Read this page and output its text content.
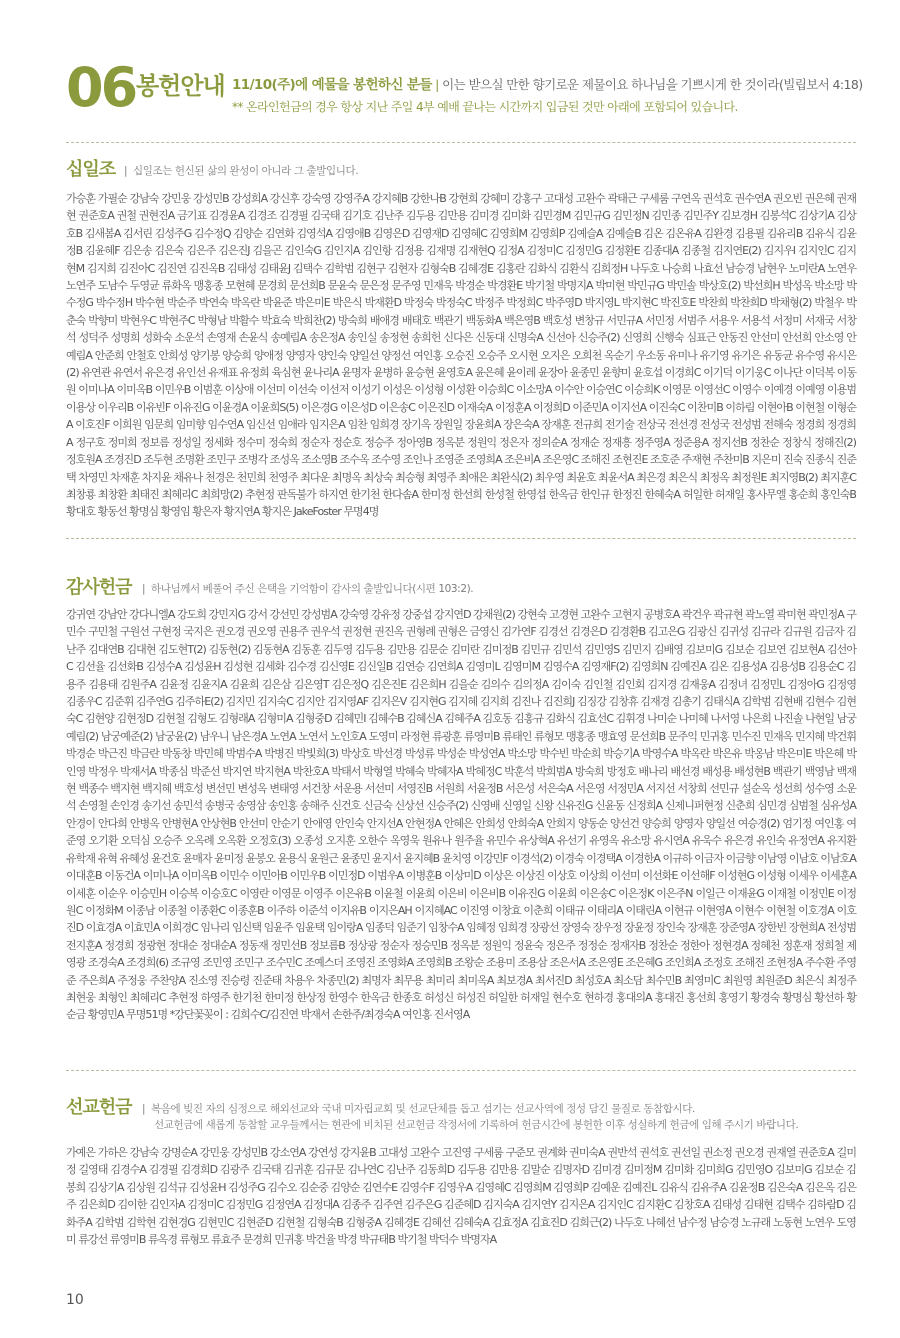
06 봉헌안내 11/10(주)에 예물을 봉헌하신 분들 | 이는 받으실 만한 향기로운 제물이요 하나님을 기쁘시게 한 것이라(빌립보서 4:18)
** 온라인헌금의 경우 항상 지난 주일 4부 예배 끝나는 시간까지 입금된 것만 아래에 포함되어 있습니다.
십일조 |  십일조는 헌신된 삶의 완성이 아니라 그 출발입니다.

가승훈 가필순 강남숙 강민웅 강성민B 강성희A 강신후 강숙영 강영주A 강지혜B 강한나B 강현희 강혜미 강홍구 고대성 고완수 곽태근 구세룸 구연옥 권석호 권수연A 권오빈 권은혜 권재현 권준호A 권철 권현진A 금기표 김경윤A 김경조 김경필 김국태 김기호 김난주 김두용 김만용 김미경 김미화 김민경M 김민규G 김민정N 김민종 김민주Y 김보경H 김봉석C 김상기A 김상호B 김새봄A 김서린 김성주G 김수정Q 김양순 김연화 김영석A 김영애B 김영은D 김영재D 김영혜C 김영희M 김영희P 김예슬A 김예슬B 김온 김온유A 김완경 김용필 김유리B 김유식 김윤정B 김윤혜F 김은송 김은숙 김은주 김은진J 김을곤 김인숙G 김인지A 김인항 김정용 김재명 김재현Q 김정A 김정미C 김정민G 김정환E 김종대A 김종철 김지연E(2) 김지우I 김지인C 김지현M 김지희 김진아C 김진연 김진옥B 김태성 김태윤J 김택수 김학범 김현구 김현자 김형숙B 김혜경E 김홍란 김화식 김환식 김희정H 나두호 나승희 나효선 남승경 남현우 노미란A 노연우 노연주 도남수 두영균 류화옥 맹홍종 모현혜 문경희 문선희B 문윤숙 문은정 문주영 민재욱 박경순 박경환E 박기철 박명지A 박미현 박민규G 박민솔 박상호(2) 박선희H 박성옥 박소망 박수정G 박수정H 박수현 박순주 박연숙 박옥란 박윤준 박은미E 박은식 박재환D 박정숙 박정숙C 박정주 박정희C 박주영D 박지영L 박지현C 박진호E 박찬희 박찬희D 박채형(2) 박철우 박춘숙 박향미 박현우C 박현주C 박형남 박활수 박효숙 박희찬(2) 방숙희 배애경 배태호 백관기 백동화A 백은영B 백호성 변창규 서민규A 서민정 서범주 서용우 서용석 서정미 서재국 서창석 성덕주 성명희 성화숙 소운석 손영재 손윤식 송예림A 송은정A 송인실 송정현 송희헌 신다은 신동대 신명숙A 신선아 신승주(2) 신영희 신행숙 심표근 안동진 안선미 안선희 안소영 안예림A 안준희 안철호 안희성 양기봉 양승희 양애정 양영자 양인숙 양일선 양정선 여인홍 오승진 오승주 오시현 오지은 오희천 옥순기 우소동 유미나 유기영 유기은 유동균 유수영 유시은(2) 유연관 유연서 유은경 유인선 유재표 유정희 육심현 윤나리A 윤명자 윤병하 윤승현 윤영호A 윤은혜 윤이레 윤장아 윤종민 윤향미 윤호섭 이경희C 이기덕 이기웅C 이나단 이덕복 이동원 이미나A 이미옥B 이민우B 이범훈 이상애 이선미 이선숙 이선저 이성기 이성은 이성형 이성환 이승희C 이소망A 이수안 이승연C 이승희K 이영문 이영선C 이영수 이예경 이예영 이용범 이용상 이우리B 이유빈F 이유진G 이윤경A 이윤희S(5) 이은경G 이은성D 이은송C 이은진D 이재숙A 이정훈A 이정희D 이준민A 이지선A 이진숙C 이찬미B 이하림 이현아B 이현철 이형순A 이호진F 이희원 임문희 임미향 임수연A 임신선 임애라 임지은A 임찬 임희경 장기옥 장원일 장윤희A 장은숙A 장재훈 전규희 전기술 전상국 전선경 전성국 전성범 전해숙 정경희 정경희A 정구호 정미희 정보름 정성일 정세화 정수미 정숙희 정순자 정순호 정승주 정아영B 정옥분 정원익 정은자 정의순A 정재순 정재흥 정주영A 정준용A 정지선B 정찬순 정창식 정해진(2) 정호원A 조경진D 조두현 조명환 조민구 조병각 조성옥 조소영B 조수옥 조수영 조인나 조영준 조영희A 조은비A 조은영C 조해진 조현진E 조호준 주재현 주찬미B 지은미 진숙 진종식 진준택 차영민 차재훈 차지윤 채유나 천경은 천민희 천영주 최다운 최명옥 최상숙 최승형 최영주 최애은 최완식(2) 최우영 최윤호 최윤서A 최은경 최은식 최정옥 최정원E 최지영B(2) 최지훈C 최창룡 최창환 최태진 최혜리C 최희망(2) 추현정 판독불가 하지연 한기천 한다솜A 한미정 한선희 한성철 한영섭 한옥금 한인규 한정진 한혜숙A 허일한 허재일 홍사무엘 홍순희 홍인숙B 황대호 황동선 황명심 황영임 황은자 황지연A 황지은 JakeFoster 무명4명

감사헌금 |  하나님께서 베풀어 주신 은택을 기억함이 감사의 출발입니다(시편 103:2).

강귀연 강남안 강다니엘A 강도희 강민지G 강서 강선민 강성범A 강숙영 강유정 강중섭 강지연D 강채원(2) 강현숙 고경현 고완수 고현지 공병호A 곽건우 곽규현 곽노열 곽미현 곽민정A 구민수 구민철 구원선 구현정 국지은 권오경 권오영 권용주 권우석 권정현 권진옥 권형례 권형은 금영신 김가연F 김경선 김경은D 김경환B 김고은G 김광신 김귀성 김규라 김규원 김금자 김난주 김대연B 김대현 김도현T(2) 김동현(2) 김동현A 김동훈 김두영 김두용 김만용 김문순 김미란 김미정B 김민규 김민석 김민영S 김민지 김배영 김보미G 김보순 김보연 김보현A 김선아C 김선율 김선화B 김성수A 김성윤H 김성현 김세화 김수경 김신영E 김신일B 김연승 김연희A 김영미L 김영미M 김영수A 김영재F(2) 김영희N 김예진A 김온 김용성A 김용성B 김용순C 김용주 김용태 김원주A 김윤정 김윤지A 김윤희 김은삼 김은영T 김은정Q 김은진E 김은희H 김을순 김의수 김의정A 김이숙 김인철 김인회 김지경 김재웅A 김정녀 김정민L 김정아G 김정영 김종우C 김준휘 김주연G 김주하E(2) 김지민 김지숙C 김지안 김지영AF 김지은V 김지현G 김지혜 김지희 김진나 김진희J 김징강 김창휴 김재경 김총기 김태식A 김학범 김현배 김현수 김현숙C 김현양 김현정D 김현철 김형도 김형래A 김형미A 김형중D 김혜민I 김혜수B 김혜신A 김혜주A 김호동 김홍규 김화식 김효선C 김휘경 나미순 나미혜 나서영 나은희 나진솔 나현일 남궁예림(2) 남궁예준(2) 남궁윤(2) 남우니 남은경A 노연A 노연서 노인호A 도영미 라정현 류광훈 류영미B 류태인 류형모 맹홍종 맹효영 문선희B 문주익 민귀홍 민수진 민재옥 민지혜 박건휘 박경순 박근진 박금란 박동창 박민혜 박범수A 박병진 박빛희(3) 박상호 박선경 박성류 박성순 박성연A 박소망 박수빈 박순희 박승기A 박영수A 박옥란 박은유 박옹남 박은미E 박은혜 박인영 박정우 박재서A 박종심 박준선 박지연 박지현A 박찬호A 박태서 박형열 박혜숙 박혜자A 박혜정C 박훈석 박희범A 방숙희 방정호 배나리 배선경 배성용 배성현B 백관기 백영남 백재현 백종수 백지현 백지혜 백호성 변선민 변성옥 변태영 서건창 서운용 서선미 서영진B 서원희 서윤정B 서은성 서은숙A 서은영 서정민A 서지선 서창희 선민규 설순옥 성선희 성수영 소운석 손영철 손인경 송기선 송민석 송병국 송영삼 송인홍 송해주 신건호 신금숙 신상선 신승주(2) 신영배 신영일 신왕 신유진G 신윤동 신정희A 신제니퍼현정 신춘희 심민경 심범철 심유성A 안경이 안다희 안병옥 안병현A 안상현B 안선미 안순기 안애영 안인숙 안지선A 안현정A 안혜은 안희성 안희숙A 안희지 양동순 양선건 양승희 양영자 양일선 여승경(2) 엄기정 여인홍 여준영 오기환 오덕심 오승주 오옥례 오옥환 오정호(3) 오종성 오지훈 오한수 옥영욱 원유나 원주율 유민수 유상혁A 유선기 유영옥 유소망 유시연A 유욱수 유은경 유인숙 유정연A 유지환 유학재 유혁 유혜성 윤건호 윤매자 윤미정 윤봉오 윤용식 윤원근 윤종민 윤지서 윤지혜B 윤치영 이강민F 이경석(2) 이경숙 이경택A 이경한A 이규하 이금자 이금향 이남영 이남호 이남호A 이대훈B 이동건A 이미나A 이미옥B 이민수 이민아B 이민우B 이민정D 이범우A 이병훈B 이상미D 이상은 이상진 이상호 이상희 이선미 이선화E 이선해F 이성현G 이성형 이세우 이세훈A 이세훈 이순우 이승민H 이승복 이승호C 이영란 이영문 이영주 이은유B 이윤철 이윤희 이은비 이은비B 이유진G 이윤희 이은송C 이은정K 이은주N 이일근 이재윤G 이재철 이정민E 이정원C 이정화M 이종남 이종철 이종환C 이종훈B 이주하 이준석 이지유B 이지은AH 이지혜AC 이진영 이창효 이춘희 이태규 이태리A 이태린A 이현규 이현영A 이현수 이현철 이호경A 이호진D 이효경A 이효민A 이희경C 임나리 임신택 임윤주 임윤택 임이랑A 임종덕 임준기 임창수A 임혜정 임희경 장광선 장영숙 장우정 장윤정 장인숙 장재훈 장준영A 장한빈 장현희A 전성범 전지훈A 정경희 정광현 정대순 정대순A 정동재 정민선B 정보름B 정상광 정순자 정승민B 정옥분 정원익 정윤숙 정은주 정정순 정재자B 정찬순 정한아 정현경A 정혜천 정훈재 정희철 제영광 조경숙A 조경희(6) 조규영 조민영 조민구 조수민C 조예스더 조영진 조영화A 조영희B 조왕순 조용미 조용삼 조은서A 조은영E 조은혜G 조인희A 조정호 조해진 조현정A 주수환 주영준 주은희A 주정웅 주찬양A 진소영 진승령 진준태 차용우 차종민(2) 최명자 최무용 최미리 최미옥A 최보경A 최서진D 최성호A 최소담 최수민B 최영미C 최원영 최원준D 최은식 최정주 최현웅 최형인 최혜리C 추현정 하영주 한기천 한미정 한상정 한영수 한옥금 한종호 허성신 허성진 허일한 허재일 현수호 현하경 홍대의A 홍대진 홍선희 홍영기 황경숙 황명심 황선하 황순금 황영민A 무명51명 *강단꽃꽂이 : 김희수C/김진연 박재서 손한주/최경숙A 여인홍 진서영A

선교헌금 |  복음에 빚진 자의 심정으로 해외선교와 국내 미자립교회 및 선교단체를 돕고 섬기는 선교사역에 정성 담긴 물질로 동참합시다.
선교헌금에 새롭게 동참할 교우들께서는 현관에 비치된 선교헌금 작정서에 기록하여 헌금시간에 봉헌한 이후 성실하게 헌금에 임해 주시기 바랍니다.

가예은 가하은 강남숙 강명순A 강민웅 강성민B 강소연A 강연성 강지윤B 고대성 고완수 고진영 구세룸 구준모 권계화 권미숙A 권반석 권석호 권선일 권소정 권오경 권재열 권준호A 길미정 길영태 김경수A 김경필 김경희D 김광주 김국태 김귀훈 김규문 김나연C 김난주 김동희D 김두용 김만용 김말순 김명자D 김미경 김미정M 김미화 김미희G 김민영O 김보미G 김보순 김봉희 김상기A 김상원 김석규 김성윤H 김성주G 김수오 김순중 김양순 김연수E 김영수F 김영우A 김영혜C 김영희M 김영희P 김예운 김예진L 김유식 김유주A 김윤정B 김은숙A 김은옥 김은주 김은희D 김이한 김인자A 김정미C 김정민G 김정연A 김정대A 김종주 김주연 김주은G 김준혜D 김지숙A 김지연Y 김지은A 김지인C 김지환C 김창호A 김태성 김태현 김택수 김하람D 김화주A 김학범 김학현 김현경G 김현민C 김현준D 김현철 김형숙B 김형중A 김혜경E 김혜선 김혜숙A 김효정A 김효진D 김희근(2) 나두호 나혜선 남수정 남승경 노규래 노동현 노연우 도영미 류강선 류영미B 류옥경 류형모 류효주 문경희 민귀홍 박건율 박경 박규태B 박기철 박덕수 박명자A

10
